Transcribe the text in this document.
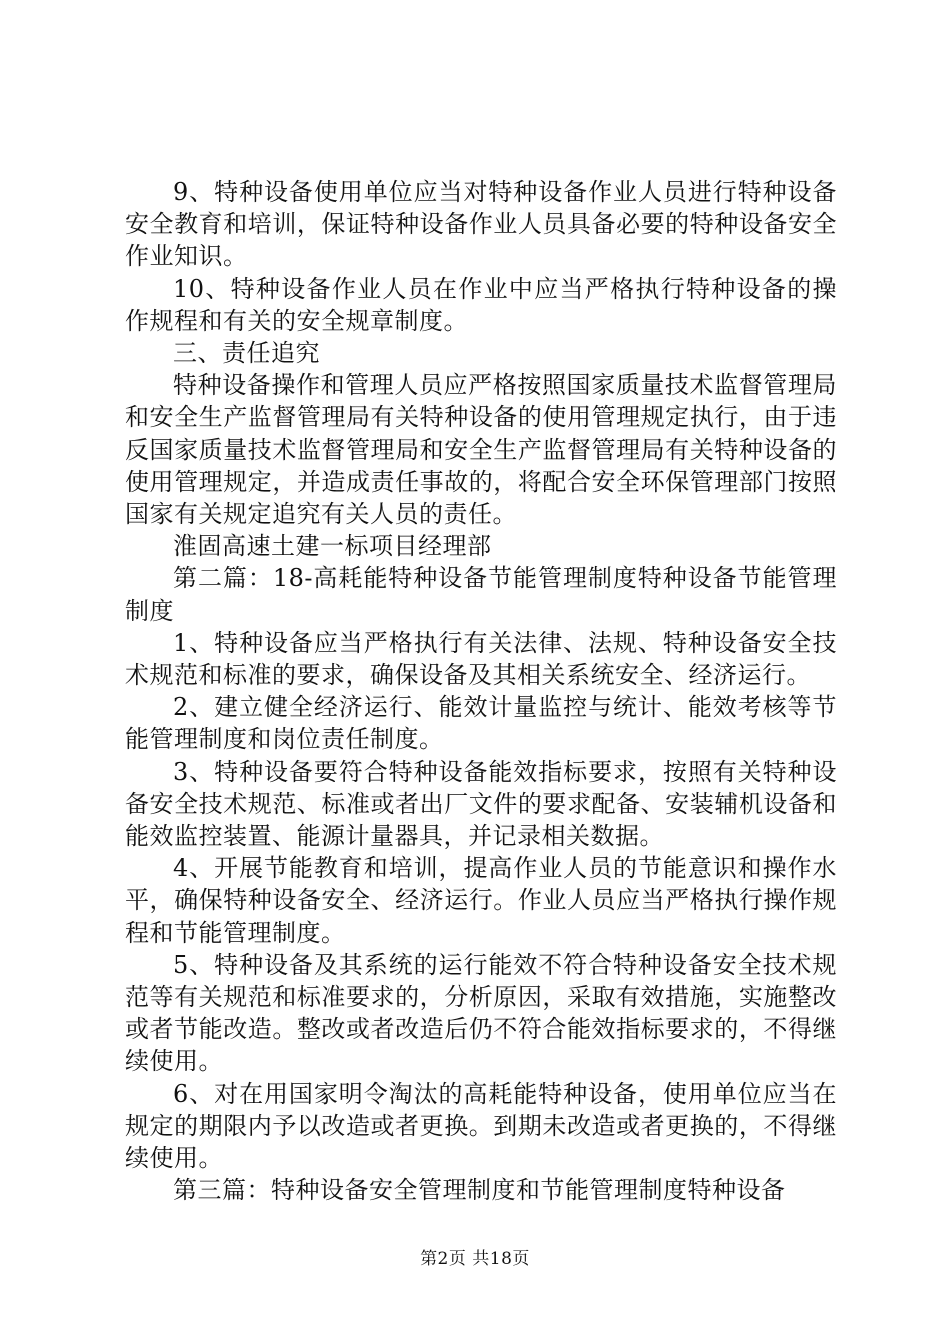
9、特种设备使用单位应当对特种设备作业人员进行特种设备安全教育和培训，保证特种设备作业人员具备必要的特种设备安全作业知识。

10、特种设备作业人员在作业中应当严格执行特种设备的操作规程和有关的安全规章制度。

三、责任追究

特种设备操作和管理人员应严格按照国家质量技术监督管理局和安全生产监督管理局有关特种设备的使用管理规定执行，由于违反国家质量技术监督管理局和安全生产监督管理局有关特种设备的使用管理规定，并造成责任事故的，将配合安全环保管理部门按照国家有关规定追究有关人员的责任。

淮固高速土建一标项目经理部

第二篇：18-高耗能特种设备节能管理制度特种设备节能管理制度

1、特种设备应当严格执行有关法律、法规、特种设备安全技术规范和标准的要求，确保设备及其相关系统安全、经济运行。

2、建立健全经济运行、能效计量监控与统计、能效考核等节能管理制度和岗位责任制度。

3、特种设备要符合特种设备能效指标要求，按照有关特种设备安全技术规范、标准或者出厂文件的要求配备、安装辅机设备和能效监控装置、能源计量器具，并记录相关数据。

4、开展节能教育和培训，提高作业人员的节能意识和操作水平，确保特种设备安全、经济运行。作业人员应当严格执行操作规程和节能管理制度。

5、特种设备及其系统的运行能效不符合特种设备安全技术规范等有关规范和标准要求的，分析原因，采取有效措施，实施整改或者节能改造。整改或者改造后仍不符合能效指标要求的，不得继续使用。

6、对在用国家明令淘汰的高耗能特种设备，使用单位应当在规定的期限内予以改造或者更换。到期未改造或者更换的，不得继续使用。

第三篇：特种设备安全管理制度和节能管理制度特种设备

第2页 共18页
